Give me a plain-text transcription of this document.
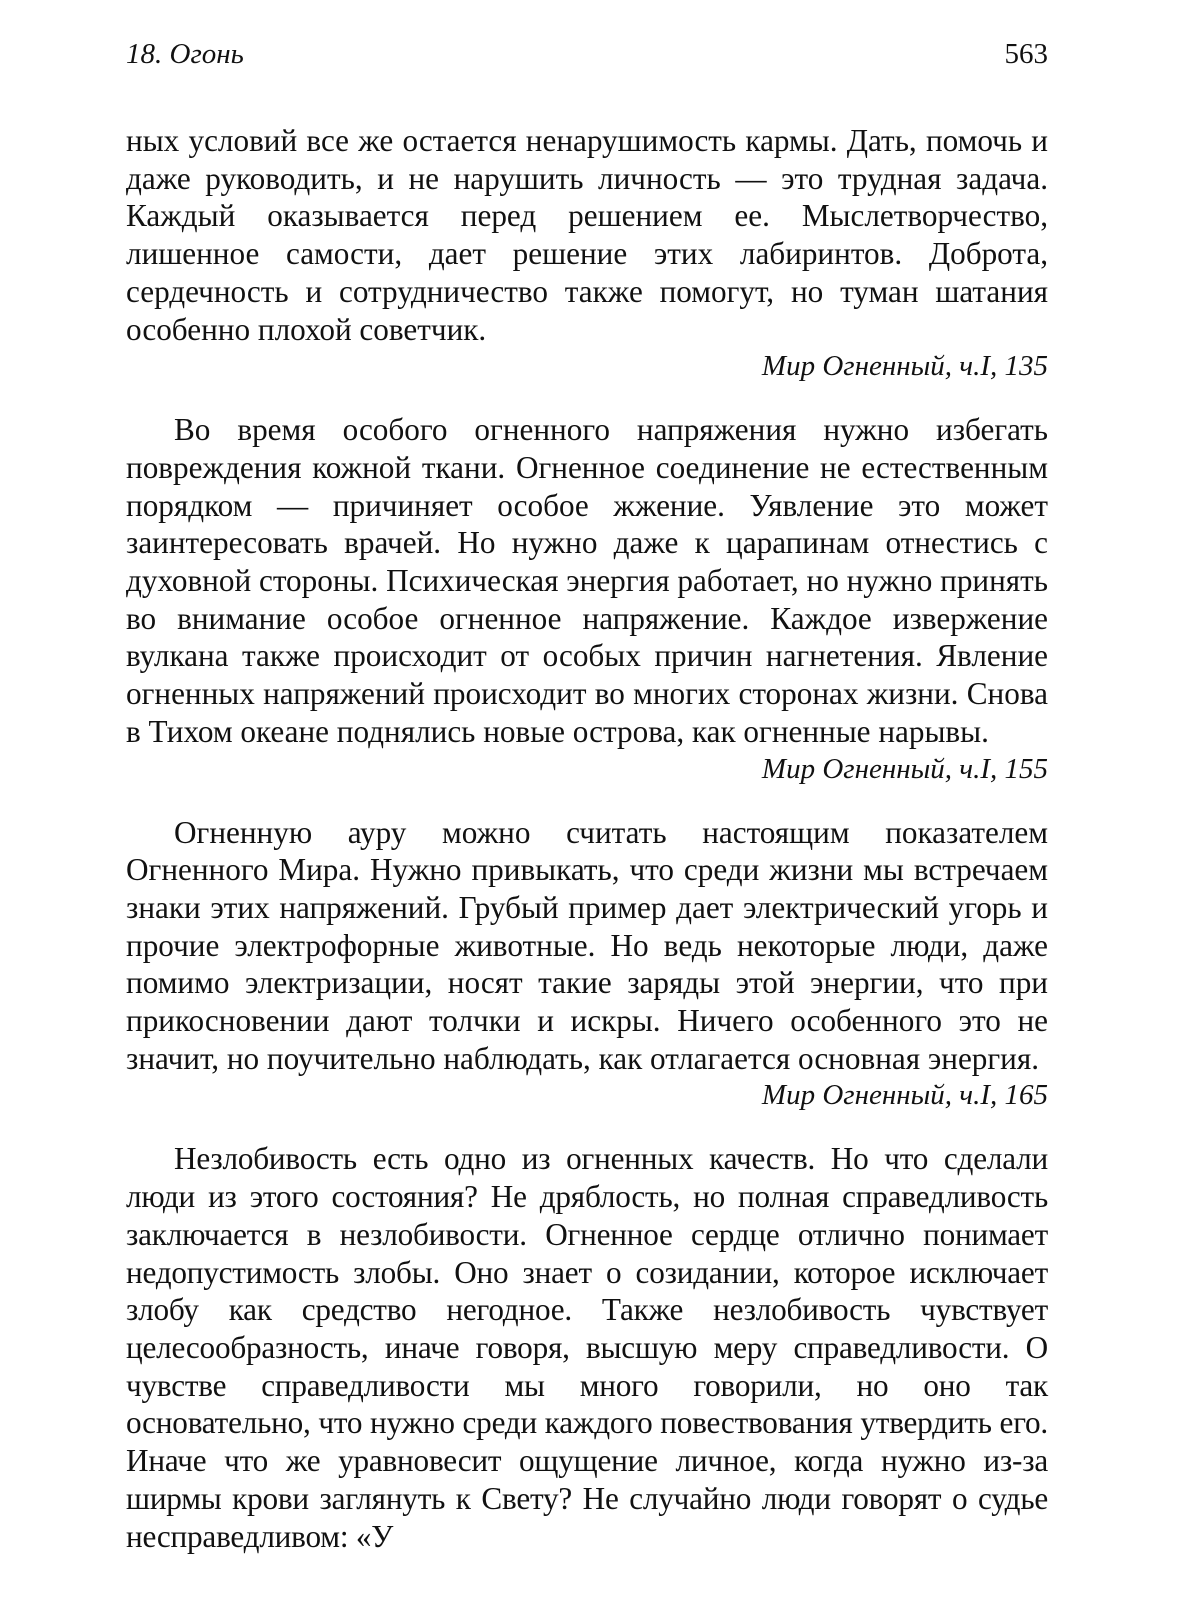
18. Огонь	563

ных условий все же остается ненарушимость кармы. Дать, помочь и даже руководить, и не нарушить личность — это трудная задача. Каждый оказывается перед решением ее. Мыслетворчество, лишенное самости, дает решение этих лабиринтов. Доброта, сердечность и сотрудничество также помогут, но туман шатания особенно плохой советчик.

Мир Огненный, ч.I, 135

Во время особого огненного напряжения нужно избегать повреждения кожной ткани. Огненное соединение не естественным порядком — причиняет особое жжение. Уявление это может заинтересовать врачей. Но нужно даже к царапинам отнестись с духовной стороны. Психическая энергия работает, но нужно принять во внимание особое огненное напряжение. Каждое извержение вулкана также происходит от особых причин нагнетения. Явление огненных напряжений происходит во многих сторонах жизни. Снова в Тихом океане поднялись новые острова, как огненные нарывы.

Мир Огненный, ч.I, 155

Огненную ауру можно считать настоящим показателем Огненного Мира. Нужно привыкать, что среди жизни мы встречаем знаки этих напряжений. Грубый пример дает электрический угорь и прочие электрофорные животные. Но ведь некоторые люди, даже помимо электризации, носят такие заряды этой энергии, что при прикосновении дают толчки и искры. Ничего особенного это не значит, но поучительно наблюдать, как отлагается основная энергия.

Мир Огненный, ч.I, 165

Незлобивость есть одно из огненных качеств. Но что сделали люди из этого состояния? Не дряблость, но полная справедливость заключается в незлобивости. Огненное сердце отлично понимает недопустимость злобы. Оно знает о созидании, которое исключает злобу как средство негодное. Также незлобивость чувствует целесообразность, иначе говоря, высшую меру справедливости. О чувстве справедливости мы много говорили, но оно так основательно, что нужно среди каждого повествования утвердить его. Иначе что же уравновесит ощущение личное, когда нужно из-за ширмы крови заглянуть к Свету? Не случайно люди говорят о судье несправедливом: «У
